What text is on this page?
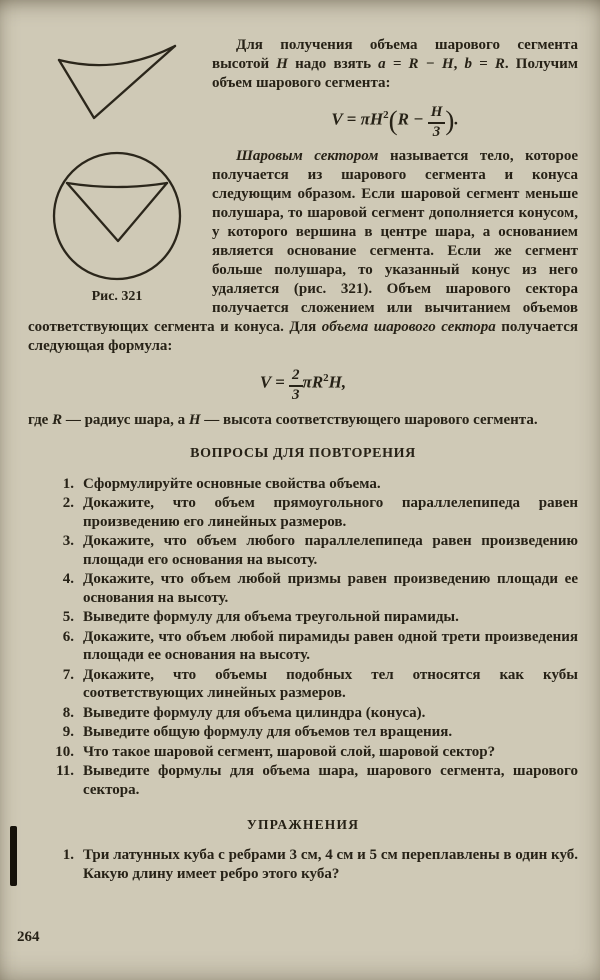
Рис. 321

Для получения объема шарового сегмента высотой H надо взять a = R − H, b = R. Получим объем шарового сегмента:

$V = \pi H^2(R - \frac{H}{3}$ ).

Шаровым сектором называется тело, которое получается из шарового сегмента и конуса следующим образом. Если шаровой сегмент меньше полушара, то шаровой сегмент дополняется конусом, у которого вершина в центре шара, а основанием является основание сегмента. Если же сегмент больше полушара, то указанный конус из него удаляется (рис. 321). Объем шарового сектора получается сложением или вычитанием объемов соответствующих сегмента и конуса. Для объема шарового сектора получается следующая формула:

$V = \frac{2}{3} \pi R^2H$,

где R — радиус шара, а H — высота соответствующего шарового сегмента.

ВОПРОСЫ ДЛЯ ПОВТОРЕНИЯ
1. Сформулируйте основные свойства объема.
2. Докажите, что объем прямоугольного параллелепипеда равен произведению его линейных размеров.
3. Докажите, что объем любого параллелепипеда равен произведению площади его основания на высоту.
4. Докажите, что объем любой призмы равен произведению площади ее основания на высоту.
5. Выведите формулу для объема треугольной пирамиды.
6. Докажите, что объем любой пирамиды равен одной трети произведения площади ее основания на высоту.
7. Докажите, что объемы подобных тел относятся как кубы соответствующих линейных размеров.
8. Выведите формулу для объема цилиндра (конуса).
9. Выведите общую формулу для объемов тел вращения.
10. Что такое шаровой сегмент, шаровой слой, шаровой сектор?
11. Выведите формулы для объема шара, шарового сегмента, шарового сектора.
УПРАЖНЕНИЯ
1. Три латунных куба с ребрами 3 см, 4 см и 5 см переплавлены в один куб. Какую длину имеет ребро этого куба?
264
